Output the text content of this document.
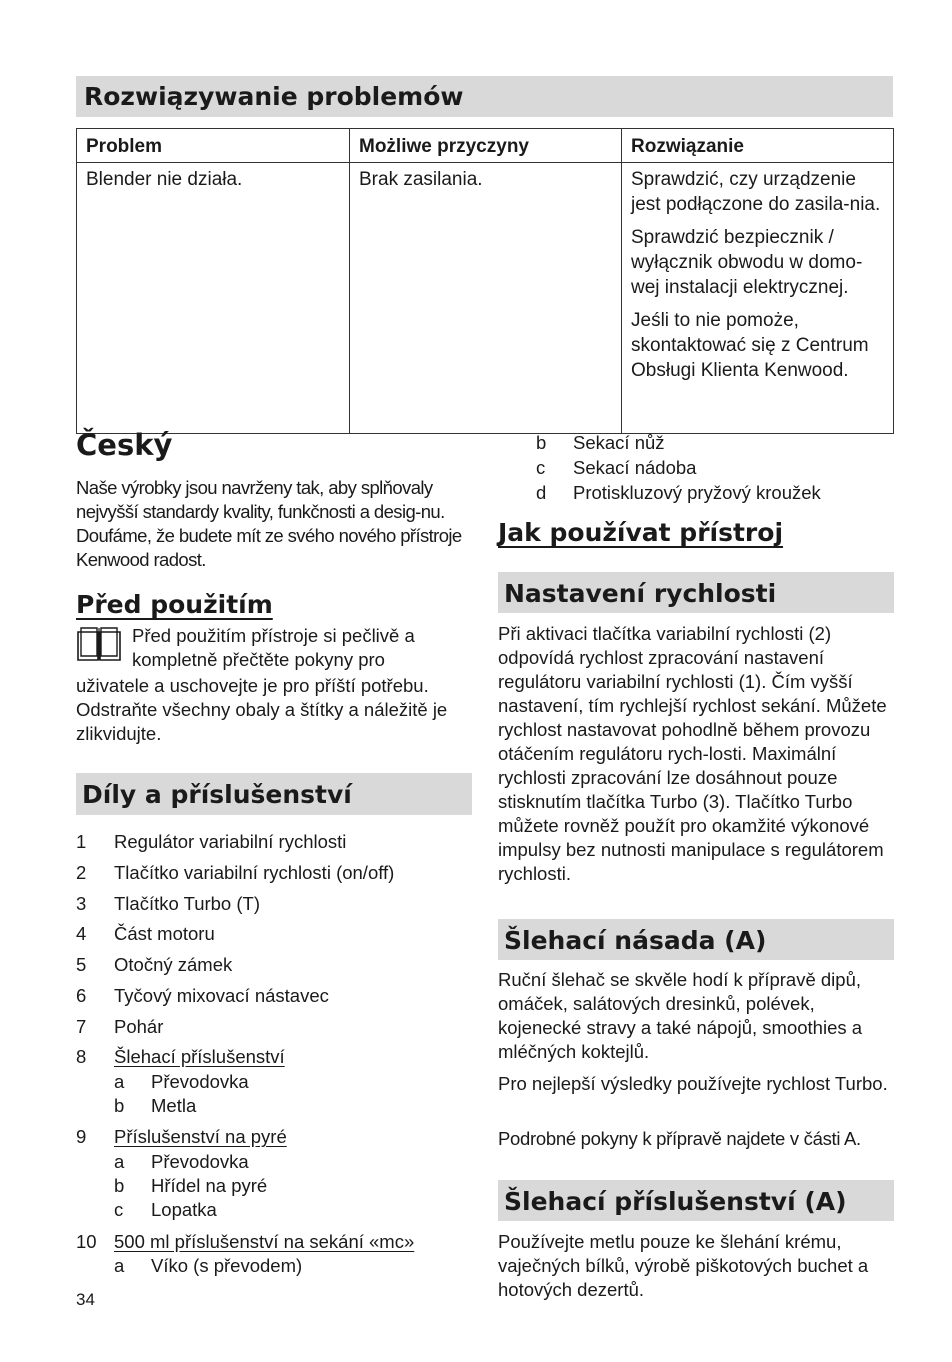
Rozwiązywanie problemów
Problem	Możliwe przyczyny	Rozwiązanie
Blender nie działa.	Brak zasilania.	Sprawdzić, czy urządzenie jest podłączone do zasila-nia.

Sprawdzić bezpiecznik / wyłącznik obwodu w domo-wej instalacji elektrycznej.

Jeśli to nie pomoże, skontaktować się z Centrum Obsługi Klienta Kenwood.

Český

Naše výrobky jsou navrženy tak, aby splňovaly nejvyšší standardy kvality, funkčnosti a desig-nu. Doufáme, že budete mít ze svého nového přístroje Kenwood radost.

Před použitím

Před použitím přístroje si pečlivě a

kompletně přečtěte pokyny pro

uživatele a uschovejte je pro příští potřebu. Odstraňte všechny obaly a štítky a náležitě je zlikvidujte.

Díly a příslušenství
1 Regulátor variabilní rychlosti
2 Tlačítko variabilní rychlosti (on/off)
3 Tlačítko Turbo (T)
4 Část motoru
5 Otočný zámek
6 Tyčový mixovací nástavec
7 Pohár
8 Šlehací příslušenství
a Převodovka
b Metla
9 Příslušenství na pyré
a Převodovka
b Hřídel na pyré
c Lopatka
10 500 ml příslušenství na sekání «mc»
a Víko (s převodem)
34
b Sekací nůž
c Sekací nádoba
d Protiskluzový pryžový kroužek
Jak používat přístroj
Nastavení rychlosti

Při aktivaci tlačítka variabilní rychlosti (2) odpovídá rychlost zpracování nastavení regulátoru variabilní rychlosti (1). Čím vyšší nastavení, tím rychlejší rychlost sekání. Můžete rychlost nastavovat pohodlně během provozu otáčením regulátoru rych-losti. Maximální rychlosti zpracování lze dosáhnout pouze stisknutím tlačítka Turbo (3). Tlačítko Turbo můžete rovněž použít pro okamžité výkonové impulsy bez nutnosti manipulace s regulátorem rychlosti.

Šlehací násada (A)

Ruční šlehač se skvěle hodí k přípravě dipů, omáček, salátových dresinků, polévek, kojenecké stravy a také nápojů, smoothies a mléčných koktejlů.

Pro nejlepší výsledky používejte rychlost Turbo.

Podrobné pokyny k přípravě najdete v části A.

Šlehací příslušenství (A)

Používejte metlu pouze ke šlehání krému, vaječných bílků, výrobě piškotových buchet a hotových dezertů.
